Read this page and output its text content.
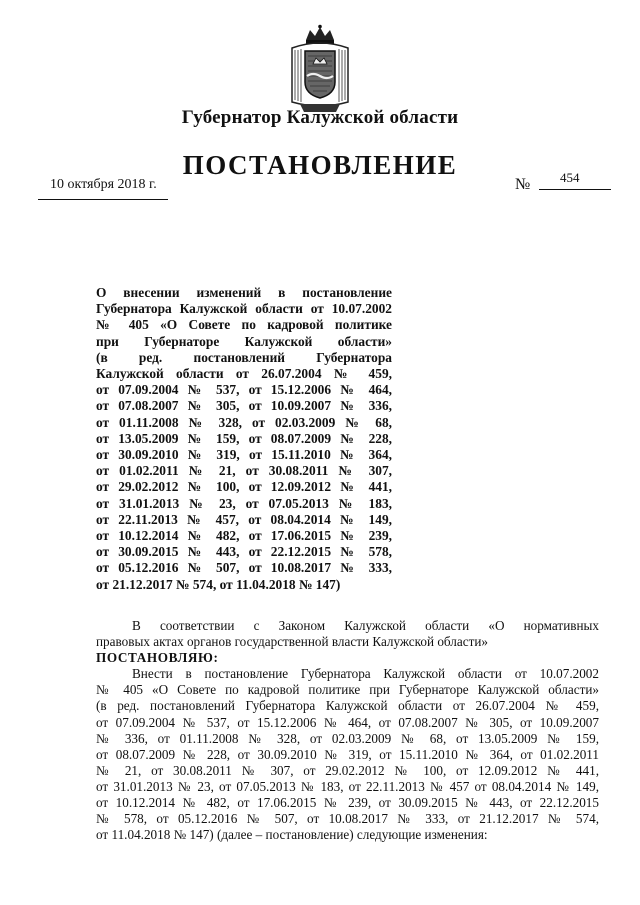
Губернатор Калужской области
ПОСТАНОВЛЕНИЕ
10 октября 2018 г.	№ 454
О внесении изменений в постановление
Губернатора Калужской области от 10.07.2002
№ 405 «О Совете по кадровой политике
при Губернаторе Калужской области»
(в ред. постановлений Губернатора
Калужской области от 26.07.2004 № 459,
от 07.09.2004 № 537, от 15.12.2006 № 464,
от 07.08.2007 № 305, от 10.09.2007 № 336,
от 01.11.2008 № 328, от 02.03.2009 № 68,
от 13.05.2009 № 159, от 08.07.2009 № 228,
от 30.09.2010 № 319, от 15.11.2010 № 364,
от 01.02.2011 № 21, от 30.08.2011 № 307,
от 29.02.2012 № 100, от 12.09.2012 № 441,
от 31.01.2013 № 23, от 07.05.2013 № 183,
от 22.11.2013 № 457, от 08.04.2014 № 149,
от 10.12.2014 № 482, от 17.06.2015 № 239,
от 30.09.2015 № 443, от 22.12.2015 № 578,
от 05.12.2016 № 507, от 10.08.2017 № 333,
от 21.12.2017 № 574, от 11.04.2018 № 147)
В соответствии с Законом Калужской области «О нормативных
правовых актах органов государственной власти Калужской области»
ПОСТАНОВЛЯЮ:
Внести в постановление Губернатора Калужской области от 10.07.2002
№ 405 «О Совете по кадровой политике при Губернаторе Калужской области»
(в ред. постановлений Губернатора Калужской области от 26.07.2004 № 459,
от 07.09.2004 № 537, от 15.12.2006 № 464, от 07.08.2007 № 305, от 10.09.2007
№ 336, от 01.11.2008 № 328, от 02.03.2009 № 68, от 13.05.2009 № 159,
от 08.07.2009 № 228, от 30.09.2010 № 319, от 15.11.2010 № 364, от 01.02.2011
№ 21, от 30.08.2011 № 307, от 29.02.2012 № 100, от 12.09.2012 № 441,
от 31.01.2013 № 23, от 07.05.2013 № 183, от 22.11.2013 № 457 от 08.04.2014 № 149,
от 10.12.2014 № 482, от 17.06.2015 № 239, от 30.09.2015 № 443, от 22.12.2015
№ 578, от 05.12.2016 № 507, от 10.08.2017 № 333, от 21.12.2017 № 574,
от 11.04.2018 № 147) (далее – постановление) следующие изменения:
